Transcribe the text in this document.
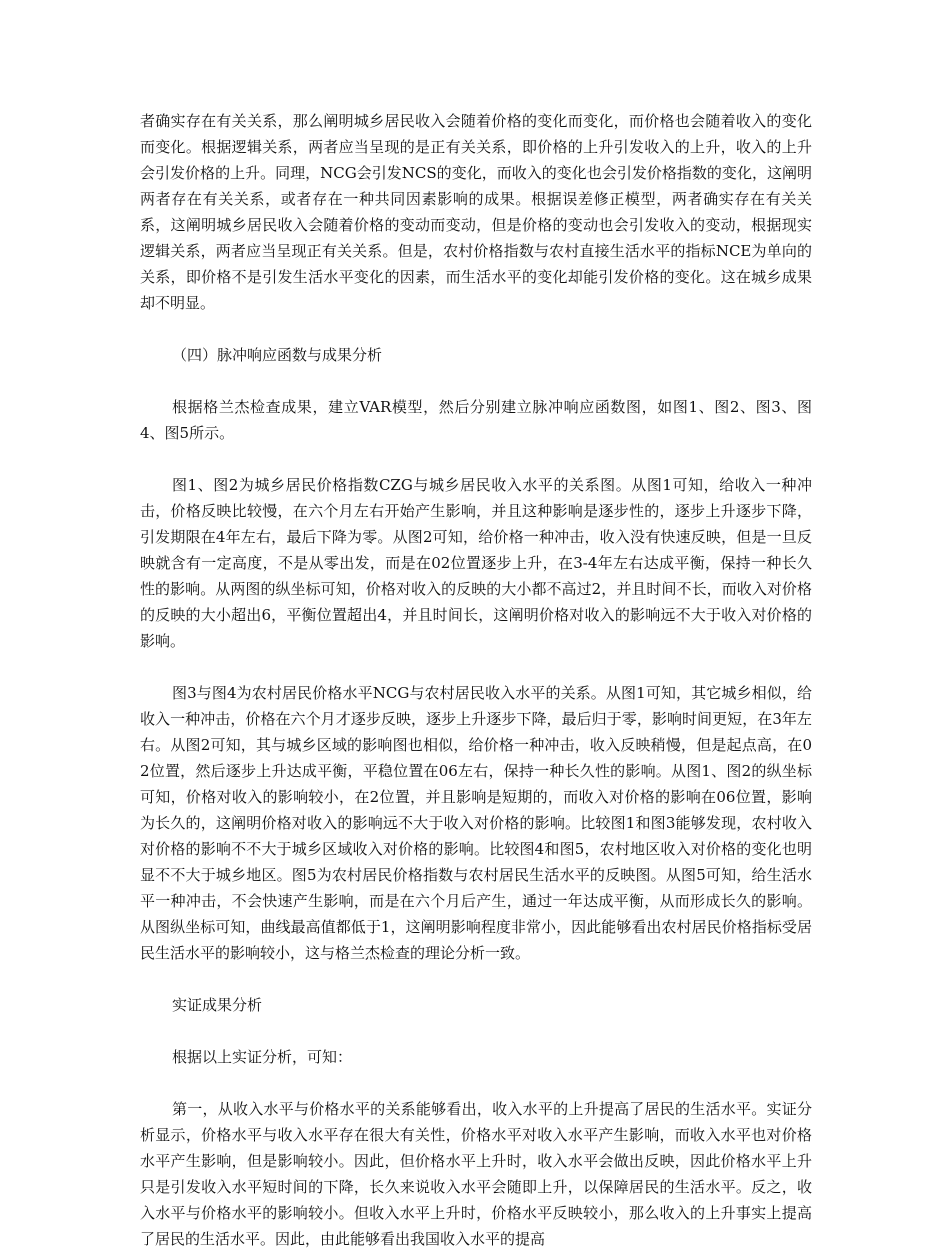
者确实存在有关关系，那么阐明城乡居民收入会随着价格的变化而变化，而价格也会随着收入的变化而变化。根据逻辑关系，两者应当呈现的是正有关关系，即价格的上升引发收入的上升，收入的上升会引发价格的上升。同理，NCG会引发NCS的变化，而收入的变化也会引发价格指数的变化，这阐明两者存在有关关系，或者存在一种共同因素影响的成果。根据误差修正模型，两者确实存在有关关系，这阐明城乡居民收入会随着价格的变动而变动，但是价格的变动也会引发收入的变动，根据现实逻辑关系，两者应当呈现正有关关系。但是，农村价格指数与农村直接生活水平的指标NCE为单向的关系，即价格不是引发生活水平变化的因素，而生活水平的变化却能引发价格的变化。这在城乡成果却不明显。

（四）脉冲响应函数与成果分析

根据格兰杰检查成果，建立VAR模型，然后分别建立脉冲响应函数图，如图1、图2、图3、图4、图5所示。

图1、图2为城乡居民价格指数CZG与城乡居民收入水平的关系图。从图1可知，给收入一种冲击，价格反映比较慢，在六个月左右开始产生影响，并且这种影响是逐步性的，逐步上升逐步下降，引发期限在4年左右，最后下降为零。从图2可知，给价格一种冲击，收入没有快速反映，但是一旦反映就含有一定高度，不是从零出发，而是在02位置逐步上升，在3-4年左右达成平衡，保持一种长久性的影响。从两图的纵坐标可知，价格对收入的反映的大小都不高过2，并且时间不长，而收入对价格的反映的大小超出6，平衡位置超出4，并且时间长，这阐明价格对收入的影响远不大于收入对价格的影响。

图3与图4为农村居民价格水平NCG与农村居民收入水平的关系。从图1可知，其它城乡相似，给收入一种冲击，价格在六个月才逐步反映，逐步上升逐步下降，最后归于零，影响时间更短，在3年左右。从图2可知，其与城乡区域的影响图也相似，给价格一种冲击，收入反映稍慢，但是起点高，在02位置，然后逐步上升达成平衡，平稳位置在06左右，保持一种长久性的影响。从图1、图2的纵坐标可知，价格对收入的影响较小，在2位置，并且影响是短期的，而收入对价格的影响在06位置，影响为长久的，这阐明价格对收入的影响远不大于收入对价格的影响。比较图1和图3能够发现，农村收入对价格的影响不不大于城乡区域收入对价格的影响。比较图4和图5，农村地区收入对价格的变化也明显不不大于城乡地区。图5为农村居民价格指数与农村居民生活水平的反映图。从图5可知，给生活水平一种冲击，不会快速产生影响，而是在六个月后产生，通过一年达成平衡，从而形成长久的影响。从图纵坐标可知，曲线最高值都低于1，这阐明影响程度非常小，因此能够看出农村居民价格指标受居民生活水平的影响较小，这与格兰杰检查的理论分析一致。

实证成果分析

根据以上实证分析，可知：

第一，从收入水平与价格水平的关系能够看出，收入水平的上升提高了居民的生活水平。实证分析显示，价格水平与收入水平存在很大有关性，价格水平对收入水平产生影响，而收入水平也对价格水平产生影响，但是影响较小。因此，但价格水平上升时，收入水平会做出反映，因此价格水平上升只是引发收入水平短时间的下降，长久来说收入水平会随即上升，以保障居民的生活水平。反之，收入水平与价格水平的影响较小。但收入水平上升时，价格水平反映较小，那么收入的上升事实上提高了居民的生活水平。因此，由此能够看出我国收入水平的提高
